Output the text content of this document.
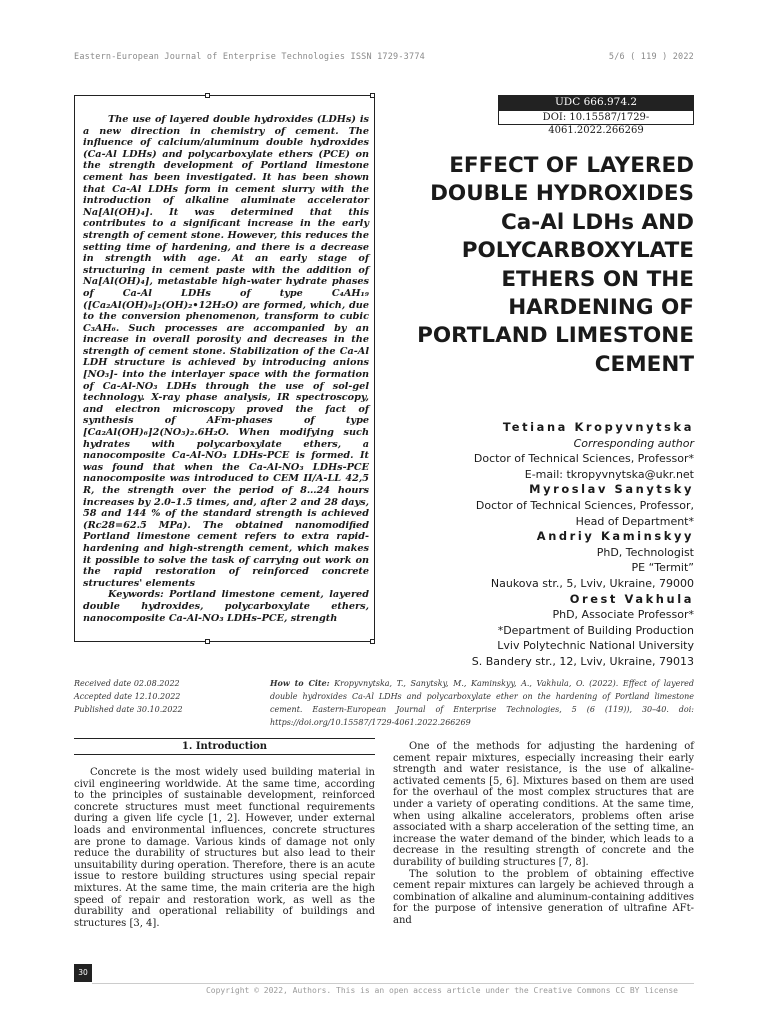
Eastern-European Journal of Enterprise Technologies ISSN 1729-3774	5/6 ( 119 ) 2022

The use of layered double hydroxides (LDHs) is a new direction in chemistry of cement. The influence of calcium/aluminum double hydroxides (Ca-Al LDHs) and polycarboxylate ethers (PCE) on the strength development of Portland limestone cement has been investigated. It has been shown that Ca-Al LDHs form in cement slurry with the introduction of alkaline aluminate accelerator Na[Al(OH)₄]. It was determined that this contributes to a significant increase in the early strength of cement stone. However, this reduces the setting time of hardening, and there is a decrease in strength with age. At an early stage of structuring in cement paste with the addition of Na[Al(OH)₄], metastable high-water hydrate phases of Ca-Al LDHs of type C₄AH₁₉ ([Ca₂Al(OH)₆]₂(OH)₂•12H₂O) are formed, which, due to the conversion phenomenon, transform to cubic C₃AH₆. Such processes are accompanied by an increase in overall porosity and decreases in the strength of cement stone. Stabilization of the Ca-Al LDH structure is achieved by introducing anions [NO₃]- into the interlayer space with the formation of Ca-Al-NO₃ LDHs through the use of sol-gel technology. X-ray phase analysis, IR spectroscopy, and electron microscopy proved the fact of synthesis of AFm-phases of type [Ca₂Al(OH)₆]2(NO₃)₂.6H₂O. When modifying such hydrates with polycarboxylate ethers, a nanocomposite Ca-Al-NO₃ LDHs-PCE is formed. It was found that when the Ca-Al-NO₃ LDHs-PCE nanocomposite was introduced to CEM II/A-LL 42,5 R, the strength over the period of 8…24 hours increases by 2.0–1.5 times, and, after 2 and 28 days, 58 and 144 % of the standard strength is achieved (Rc28=62.5 MPa). The obtained nanomodified Portland limestone cement refers to extra rapid-hardening and high-strength cement, which makes it possible to solve the task of carrying out work on the rapid restoration of reinforced concrete structures' elements

Keywords: Portland limestone cement, layered double hydroxides, polycarboxylate ethers, nanocomposite Ca-Al-NO₃ LDHs–PCE, strength

UDC 666.974.2
DOI: 10.15587/1729-4061.2022.266269
EFFECT OF LAYERED
DOUBLE HYDROXIDES
Ca-Al LDHs AND
POLYCARBOXYLATE
ETHERS ON THE
HARDENING OF
PORTLAND LIMESTONE
CEMENT
Tetiana Kropyvnytska
Corresponding author
Doctor of Technical Sciences, Professor*
E-mail: tkropyvnytska@ukr.net
Myroslav Sanytsky
Doctor of Technical Sciences, Professor,
Head of Department*
Andriy Kaminskyy
PhD, Technologist
PE “Termit”
Naukova str., 5, Lviv, Ukraine, 79000
Orest Vakhula
PhD, Associate Professor*
*Department of Building Production
Lviv Polytechnic National University
S. Bandery str., 12, Lviv, Ukraine, 79013
Received date 02.08.2022
Accepted date 12.10.2022
Published date 30.10.2022
How to Cite: Kropyvnytska, T., Sanytsky, M., Kaminskyy, A., Vakhula, O. (2022). Effect of layered double hydroxides Ca-Al LDHs and polycarboxylate ether on the hardening of Portland limestone cement. Eastern-European Journal of Enterprise Technologies, 5 (6 (119)), 30–40. doi: https://doi.org/10.15587/1729-4061.2022.266269
1. Introduction

Concrete is the most widely used building material in civil engineering worldwide. At the same time, according to the principles of sustainable development, reinforced concrete structures must meet functional requirements during a given life cycle [1, 2]. However, under external loads and environmental influences, concrete structures are prone to damage. Various kinds of damage not only reduce the durability of structures but also lead to their unsuitability during operation. Therefore, there is an acute issue to restore building structures using special repair mixtures. At the same time, the main criteria are the high speed of repair and restoration work, as well as the durability and operational reliability of buildings and structures [3, 4].

One of the methods for adjusting the hardening of cement repair mixtures, especially increasing their early strength and water resistance, is the use of alkaline-activated cements [5, 6]. Mixtures based on them are used for the overhaul of the most complex structures that are under a variety of operating conditions. At the same time, when using alkaline accelerators, problems often arise associated with a sharp acceleration of the setting time, an increase the water demand of the binder, which leads to a decrease in the resulting strength of concrete and the durability of building structures [7, 8].

The solution to the problem of obtaining effective cement repair mixtures can largely be achieved through a combination of alkaline and aluminum-containing additives for the purpose of intensive generation of ultrafine AFt- and

30
Copyright © 2022, Authors. This is an open access article under the Creative Commons CC BY license
